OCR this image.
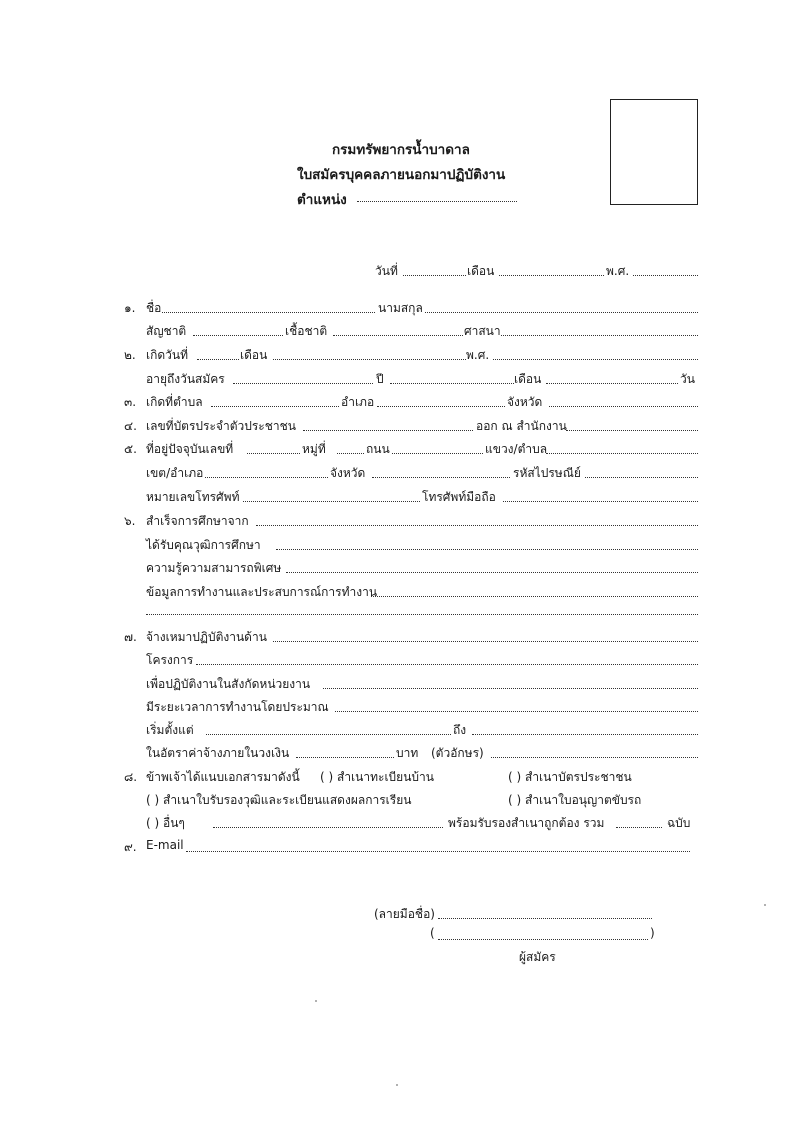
กรมทรัพยากรน้ำบาดาล
ใบสมัครบุคคลภายนอกมาปฏิบัติงาน
ตำแหน่ง
วันที่	เดือน	พ.ศ.
๑. ชื่อ	นามสกุล
สัญชาติ	เชื้อชาติ	ศาสนา
๒. เกิดวันที่	เดือน	พ.ศ.
อายุถึงวันสมัคร	ปี	เดือน	วัน
๓. เกิดที่ตำบล	อำเภอ	จังหวัด
๔. เลขที่บัตรประจำตัวประชาชน	ออก ณ สำนักงาน
๕. ที่อยู่ปัจจุบันเลขที่	หมู่ที่	ถนน	แขวง/ตำบล
เขต/อำเภอ	จังหวัด	รหัสไปรษณีย์
หมายเลขโทรศัพท์	โทรศัพท์มือถือ
๖. สำเร็จการศึกษาจาก
ได้รับคุณวุฒิการศึกษา
ความรู้ความสามารถพิเศษ
ข้อมูลการทำงานและประสบการณ์การทำงาน
๗. จ้างเหมาปฏิบัติงานด้าน
โครงการ
เพื่อปฏิบัติงานในสังกัดหน่วยงาน
มีระยะเวลาการทำงานโดยประมาณ
เริ่มตั้งแต่	ถึง
ในอัตราค่าจ้างภายในวงเงิน	บาท (ตัวอักษร)
๘. ข้าพเจ้าได้แนบเอกสารมาดังนี้ ( ) สำเนาทะเบียนบ้าน	( ) สำเนาบัตรประชาชน
( ) สำเนาใบรับรองวุฒิและระเบียนแสดงผลการเรียน	( ) สำเนาใบอนุญาตขับรถ
( ) อื่นๆ	พร้อมรับรองสำเนาถูกต้อง รวม	ฉบับ
๙. E-mail
(ลายมือชื่อ)
(	)
ผู้สมัคร
